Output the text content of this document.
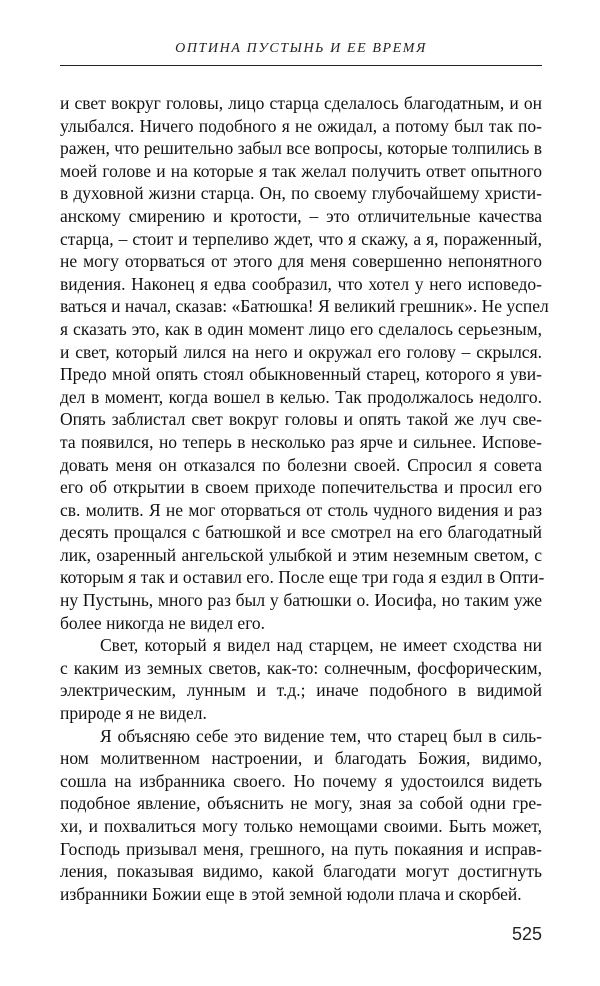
ОПТИНА ПУСТЫНЬ И ЕЕ ВРЕМЯ
и свет вокруг головы, лицо старца сделалось благодатным, и он
улыбался. Ничего подобного я не ожидал, а потому был так по-
ражен, что решительно забыл все вопросы, которые толпились в
моей голове и на которые я так желал получить ответ опытного
в духовной жизни старца. Он, по своему глубочайшему христи-
анскому смирению и кротости, – это отличительные качества
старца, – стоит и терпеливо ждет, что я скажу, а я, пораженный,
не могу оторваться от этого для меня совершенно непонятного
видения. Наконец я едва сообразил, что хотел у него исповедо-
ваться и начал, сказав: «Батюшка! Я великий грешник». Не успел
я сказать это, как в один момент лицо его сделалось серьезным,
и свет, который лился на него и окружал его голову – скрылся.
Предо мной опять стоял обыкновенный старец, которого я уви-
дел в момент, когда вошел в келью. Так продолжалось недолго.
Опять заблистал свет вокруг головы и опять такой же луч све-
та появился, но теперь в несколько раз ярче и сильнее. Испове-
довать меня он отказался по болезни своей. Спросил я совета
его об открытии в своем приходе попечительства и просил его
св. молитв. Я не мог оторваться от столь чудного видения и раз
десять прощался с батюшкой и все смотрел на его благодатный
лик, озаренный ангельской улыбкой и этим неземным светом, с
которым я так и оставил его. После еще три года я ездил в Опти-
ну Пустынь, много раз был у батюшки о. Иосифа, но таким уже
более никогда не видел его.
Свет, который я видел над старцем, не имеет сходства ни
с каким из земных светов, как-то: солнечным, фосфорическим,
электрическим, лунным и т.д.; иначе подобного в видимой
природе я не видел.
Я объясняю себе это видение тем, что старец был в силь-
ном молитвенном настроении, и благодать Божия, видимо,
сошла на избранника своего. Но почему я удостоился видеть
подобное явление, объяснить не могу, зная за собой одни гре-
хи, и похвалиться могу только немощами своими. Быть может,
Господь призывал меня, грешного, на путь покаяния и исправ-
ления, показывая видимо, какой благодати могут достигнуть
избранники Божии еще в этой земной юдоли плача и скорбей.
525
